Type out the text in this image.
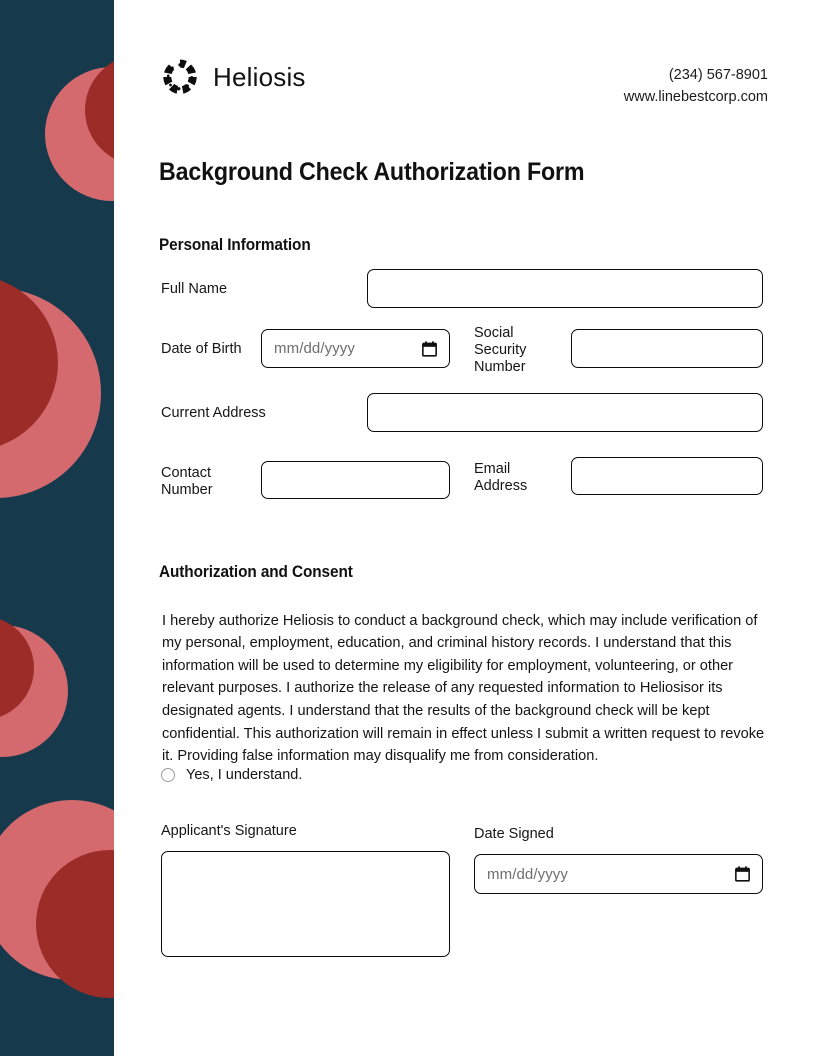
Heliosis	(234) 567-8901
www.linebestcorp.com
Background Check Authorization Form
Personal Information
Full Name
Date of Birth mm/dd/yyyy
Social Security Number
Current Address
Contact Number
Email Address
Authorization and Consent

I hereby authorize Heliosis to conduct a background check, which may include verification of my personal, employment, education, and criminal history records. I understand that this information will be used to determine my eligibility for employment, volunteering, or other relevant purposes. I authorize the release of any requested information to Heliosisor its designated agents. I understand that the results of the background check will be kept confidential. This authorization will remain in effect unless I submit a written request to revoke it. Providing false information may disqualify me from consideration.

Yes, I understand.
Applicant's Signature	Date Signed
mm/dd/yyyy
